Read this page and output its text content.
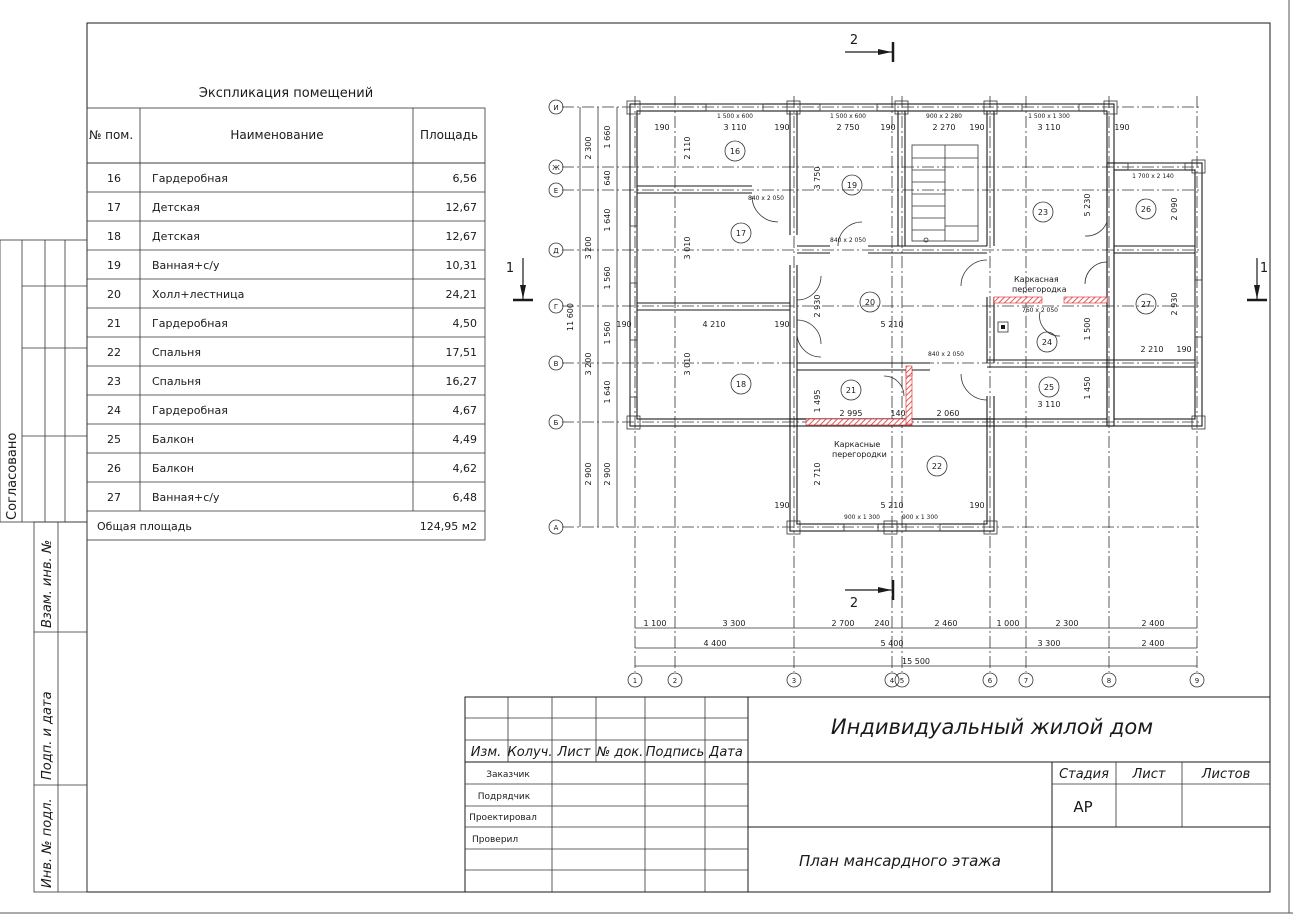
Согласовано
Взам. инв. №
Подп. и дата
Инв. № подл.
Экспликация помещений
№ пом.	Наименование	Площадь
16	Гардеробная	6,56
17	Детская	12,67
18	Детская	12,67
19	Ванная+с/у	10,31
20	Холл+лестница	24,21
21	Гардеробная	4,50
22	Спальня	17,51
23	Спальня	16,27
24	Гардеробная	4,67
25	Балкон	4,49
26	Балкон	4,62
27	Ванная+с/у	6,48
Общая площадь	124,95 м2
Изм. Колуч. Лист № док. Подпись Дата
Заказчик
Подрядчик
Проектировал
Проверил
Индивидуальный жилой дом
Стадия Лист	Листов
АР
План мансардного этажа
И
Ж
Е
Д
Г
В
Б
А
1	2	3	4 5	6	7	8	9
2
2
1	1
16
17
18
19
20
21
22
23
24
25
26
27
1 100	3 300	2 700 240	2 460	1 000	2 300	2 400
4 400	5 400	3 300	2 400
15 500
3 110	2 750	2 270	3 110
190	190	190	190	190
4 210
190	190	5 210
2 995	140	2 060
3 110
2 210 190
190	5 210	190
2 300
3 200
3 200
2 900
11 600
1 660
640
1 640
1 560
1 560
1 640
2 900
2 110
3 010
3 010
3 750
2 930
1 495
2 710
5 230
1 500
1 450
2 090
2 930
1 500 x 600	1 500 x 600	900 x 2 280	1 500 x 1 300
1 700 x 2 140
840 x 2 050
840 x 2 050
760 x 2 050
840 x 2 050
900 x 1 300	900 x 1 300
Каркасная
перегородка
Каркасные
перегородки
